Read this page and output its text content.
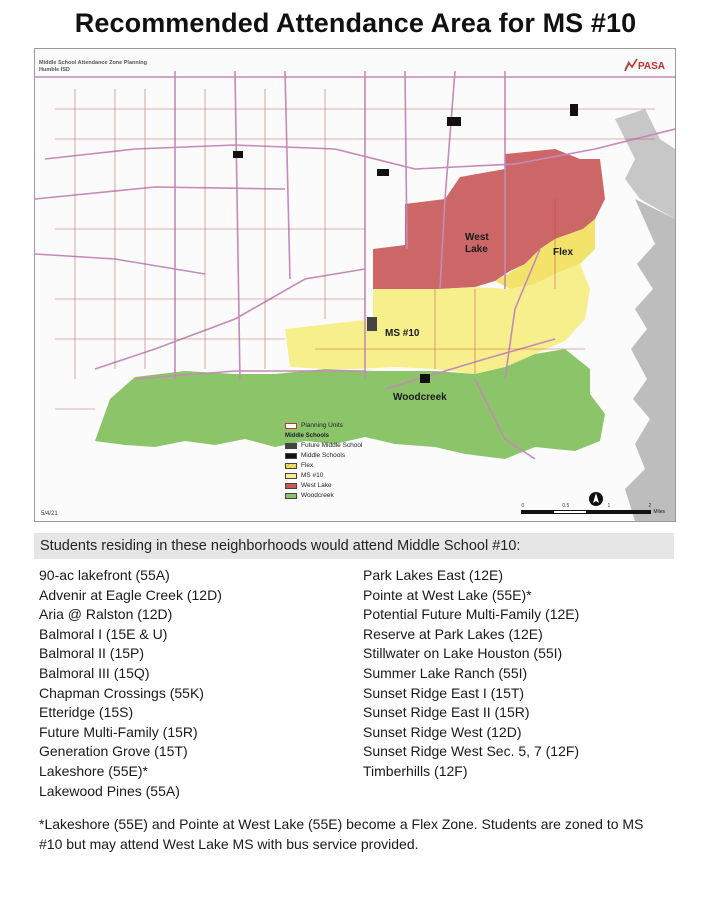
Recommended Attendance Area for MS #10
Middle School Attendance Zone Planning
Humble ISD	PASA
West
Lake	Flex
MS #10
Woodcreek
Planning Units
Middle Schools
Future Middle School
Middle Schools
Flex
MS #10
West Lake
Woodcreek
0	0.5	1	2
Miles
5/4/21
Students residing in these neighborhoods would attend Middle School #10:
90-ac lakefront (55A)
Advenir at Eagle Creek (12D)
Aria @ Ralston (12D)
Balmoral I (15E & U)
Balmoral II (15P)
Balmoral III (15Q)
Chapman Crossings (55K)
Etteridge (15S)
Future Multi-Family (15R)
Generation Grove (15T)
Lakeshore (55E)*
Lakewood Pines (55A)
Park Lakes East (12E)
Pointe at West Lake (55E)*
Potential Future Multi-Family (12E)
Reserve at Park Lakes (12E)
Stillwater on Lake Houston (55I)
Summer Lake Ranch (55I)
Sunset Ridge East I (15T)
Sunset Ridge East II (15R)
Sunset Ridge West (12D)
Sunset Ridge West Sec. 5, 7 (12F)
Timberhills (12F)
*Lakeshore (55E) and Pointe at West Lake (55E) become a Flex Zone. Students are zoned to MS #10 but may attend West Lake MS with bus service provided.
